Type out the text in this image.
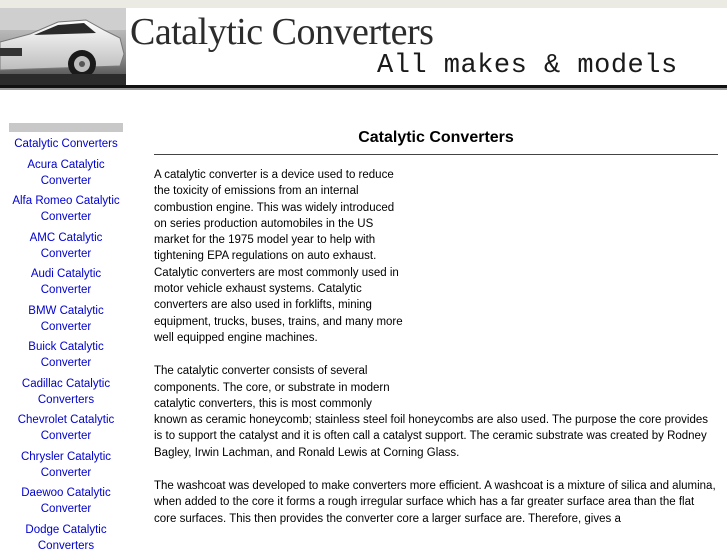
Catalytic Converters
All makes & models
Catalytic Converters
Acura Catalytic Converter
Alfa Romeo Catalytic Converter
AMC Catalytic Converter
Audi Catalytic Converter
BMW Catalytic Converter
Buick Catalytic Converter
Cadillac Catalytic Converters
Chevrolet Catalytic Converter
Chrysler Catalytic Converter
Daewoo Catalytic Converter
Dodge Catalytic Converters
Catalytic Converters

A catalytic converter is a device used to reduce the toxicity of emissions from an internal combustion engine. This was widely introduced on series production automobiles in the US market for the 1975 model year to help with tightening EPA regulations on auto exhaust. Catalytic converters are most commonly used in motor vehicle exhaust systems. Catalytic converters are also used in forklifts, mining equipment, trucks, buses, trains, and many more well equipped engine machines.

The catalytic converter consists of several components. The core, or substrate in modern catalytic converters, this is most commonly
known as ceramic honeycomb; stainless steel foil honeycombs are also used. The purpose the core provides is to support the catalyst and it is often call a catalyst support. The ceramic substrate was created by Rodney Bagley, Irwin Lachman, and Ronald Lewis at Corning Glass.

The washcoat was developed to make converters more efficient. A washcoat is a mixture of silica and alumina, when added to the core it forms a rough irregular surface which has a far greater surface area than the flat core surfaces. This then provides the converter core a larger surface are. Therefore, gives a
